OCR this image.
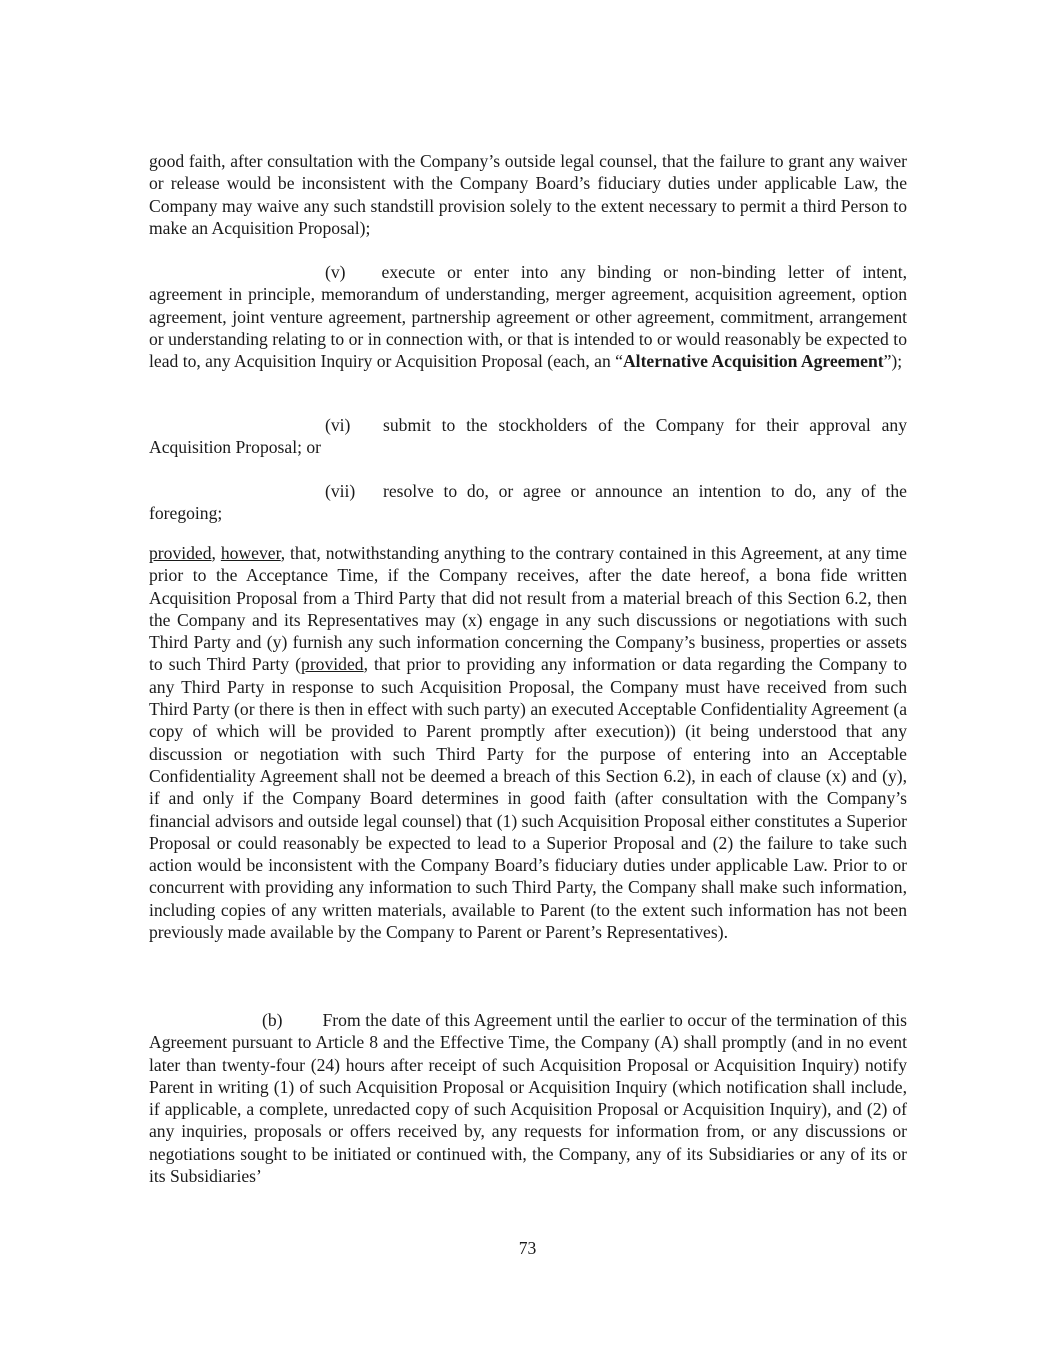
good faith, after consultation with the Company’s outside legal counsel, that the failure to grant any waiver or release would be inconsistent with the Company Board’s fiduciary duties under applicable Law, the Company may waive any such standstill provision solely to the extent necessary to permit a third Person to make an Acquisition Proposal);

(v) execute or enter into any binding or non-binding letter of intent, agreement in principle, memorandum of understanding, merger agreement, acquisition agreement, option agreement, joint venture agreement, partnership agreement or other agreement, commitment, arrangement or understanding relating to or in connection with, or that is intended to or would reasonably be expected to lead to, any Acquisition Inquiry or Acquisition Proposal (each, an “Alternative Acquisition Agreement”);

(vi)	submit to the stockholders of the Company for their approval any
Acquisition Proposal; or
(vii)	resolve to do, or agree or announce an intention to do, any of the
foregoing;

provided, however, that, notwithstanding anything to the contrary contained in this Agreement, at any time prior to the Acceptance Time, if the Company receives, after the date hereof, a bona fide written Acquisition Proposal from a Third Party that did not result from a material breach of this Section 6.2, then the Company and its Representatives may (x) engage in any such discussions or negotiations with such Third Party and (y) furnish any such information concerning the Company’s business, properties or assets to such Third Party (provided, that prior to providing any information or data regarding the Company to any Third Party in response to such Acquisition Proposal, the Company must have received from such Third Party (or there is then in effect with such party) an executed Acceptable Confidentiality Agreement (a copy of which will be provided to Parent promptly after execution)) (it being understood that any discussion or negotiation with such Third Party for the purpose of entering into an Acceptable Confidentiality Agreement shall not be deemed a breach of this Section 6.2), in each of clause (x) and (y), if and only if the Company Board determines in good faith (after consultation with the Company’s financial advisors and outside legal counsel) that (1) such Acquisition Proposal either constitutes a Superior Proposal or could reasonably be expected to lead to a Superior Proposal and (2) the failure to take such action would be inconsistent with the Company Board’s fiduciary duties under applicable Law. Prior to or concurrent with providing any information to such Third Party, the Company shall make such information, including copies of any written materials, available to Parent (to the extent such information has not been previously made available by the Company to Parent or Parent’s Representatives).

(b) From the date of this Agreement until the earlier to occur of the termination of this Agreement pursuant to Article 8 and the Effective Time, the Company (A) shall promptly (and in no event later than twenty-four (24) hours after receipt of such Acquisition Proposal or Acquisition Inquiry) notify Parent in writing (1) of such Acquisition Proposal or Acquisition Inquiry (which notification shall include, if applicable, a complete, unredacted copy of such Acquisition Proposal or Acquisition Inquiry), and (2) of any inquiries, proposals or offers received by, any requests for information from, or any discussions or negotiations sought to be initiated or continued with, the Company, any of its Subsidiaries or any of its or its Subsidiaries’

73
